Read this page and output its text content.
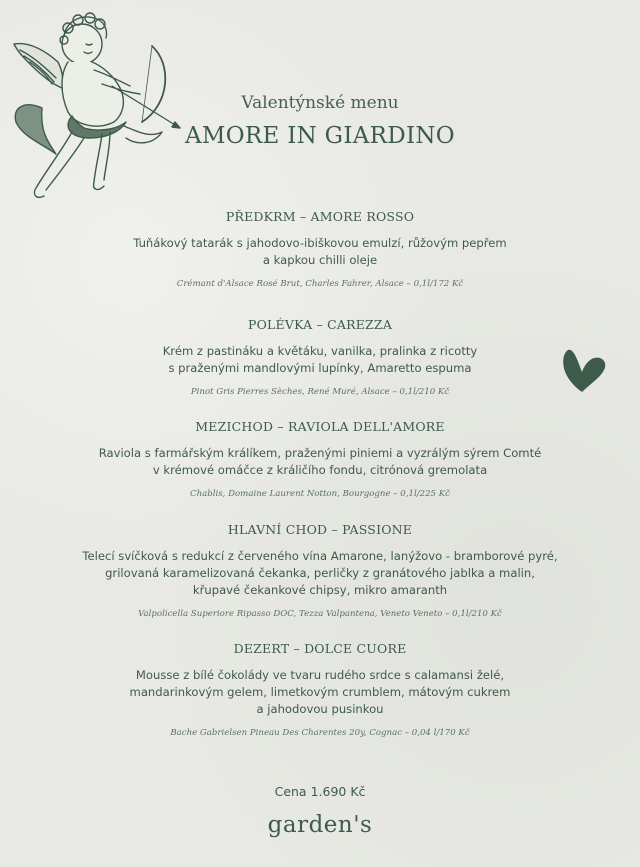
Valentýnské menu
AMORE IN GIARDINO

PŘEDKRM – AMORE ROSSO

Tuňákový tatarák s jahodovo-ibiškovou emulzí, růžovým pepřem
a kapkou chilli oleje

Crémant d'Alsace Rosé Brut, Charles Fahrer, Alsace – 0,1l/172 Kč

POLÉVKA – CAREZZA

Krém z pastináku a květáku, vanilka, pralinka z ricotty
s praženými mandlovými lupínky, Amaretto espuma

Pinot Gris Pierres Sèches, René Muré, Alsace – 0,1l/210 Kč

MEZICHOD – RAVIOLA DELL'AMORE

Raviola s farmářským králíkem, praženými piniemi a vyzrálým sýrem Comté
v krémové omáčce z králičího fondu, citrónová gremolata

Chablis, Domaine Laurent Notton, Bourgogne – 0,1l/225 Kč

HLAVNÍ CHOD – PASSIONE

Telecí svíčková s redukcí z červeného vína Amarone, lanýžovo - bramborové pyré,
grilovaná karamelizovaná čekanka, perličky z granátového jablka a malin,
křupavé čekankové chipsy, mikro amaranth

Valpolicella Superiore Ripasso DOC, Tezza Valpantena, Veneto Veneto – 0,1l/210 Kč

DEZERT – DOLCE CUORE

Mousse z bílé čokolády ve tvaru rudého srdce s calamansi želé,
mandarinkovým gelem, limetkovým crumblem, mátovým cukrem
a jahodovou pusinkou

Bache Gabrielsen Pineau Des Charentes 20y, Cognac – 0,04 l/170 Kč

Cena 1.690 Kč
garden's
